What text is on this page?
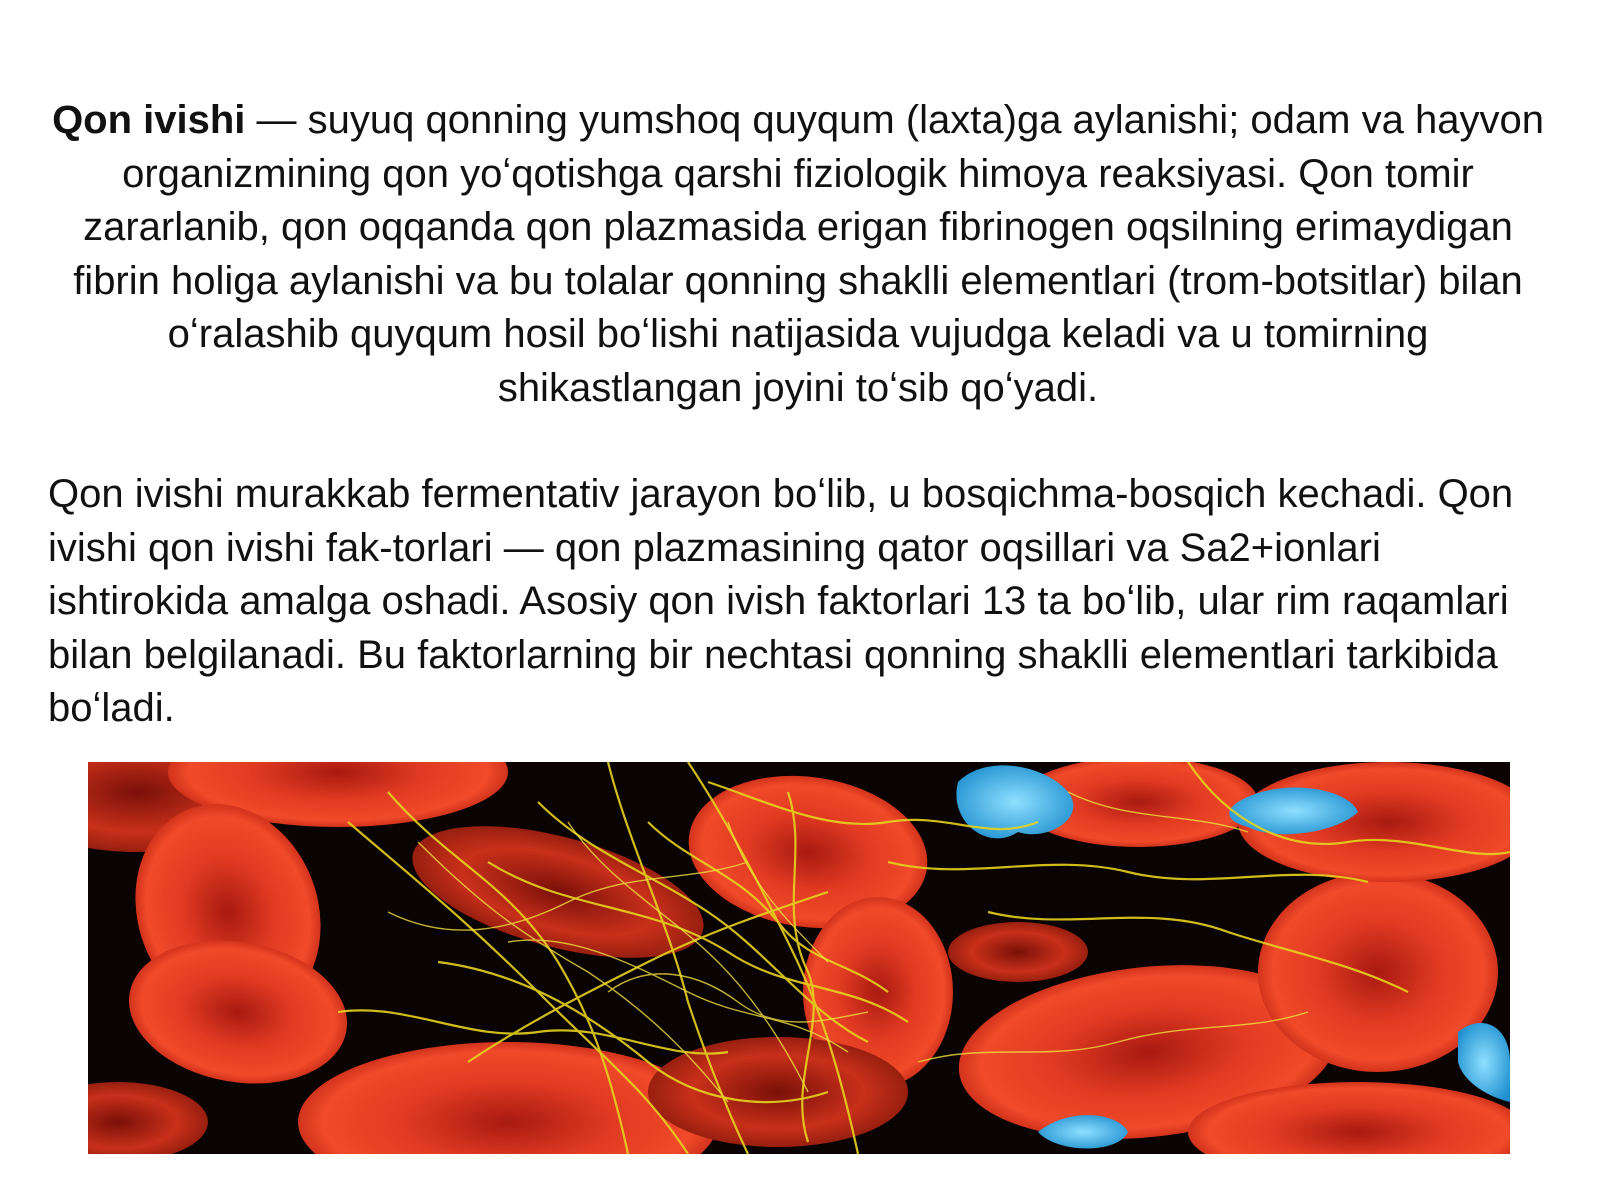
Qon ivishi — suyuq qonning yumshoq quyqum (laxta)ga aylanishi; odam va hayvon organizmining qon yoʻqotishga qarshi fiziologik himoya reaksiyasi. Qon tomir zararlanib, qon oqqanda qon plazmasida erigan fibrinogen oqsilning erimaydigan fibrin holiga aylanishi va bu tolalar qonning shaklli elementlari (trom-botsitlar) bilan oʻralashib quyqum hosil boʻlishi natijasida vujudga keladi va u tomirning shikastlangan joyini toʻsib qoʻyadi.

Qon ivishi murakkab fermentativ jarayon boʻlib, u bosqichma-bosqich kechadi. Qon ivishi qon ivishi fak-torlari — qon plazmasining qator oqsillari va Sa2+ionlari ishtirokida amalga oshadi. Asosiy qon ivish faktorlari 13 ta boʻlib, ular rim raqamlari bilan belgilanadi. Bu faktorlarning bir nechtasi qonning shaklli elementlari tarkibida boʻladi.
